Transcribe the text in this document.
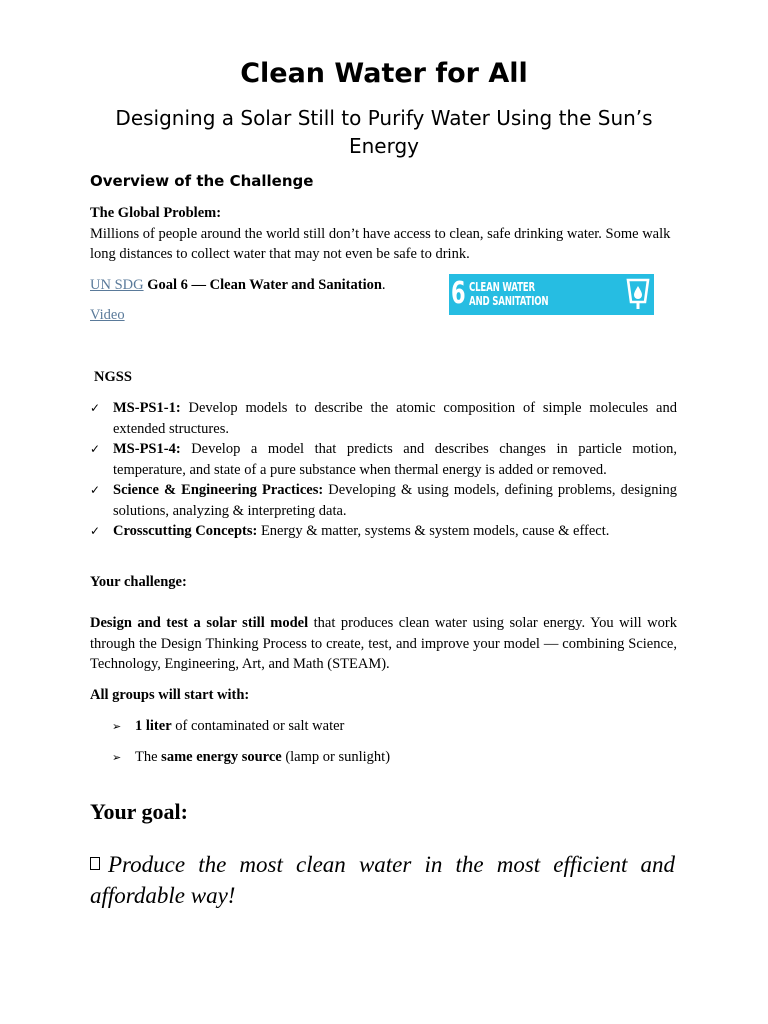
Clean Water for All
Designing a Solar Still to Purify Water Using the Sun’s Energy
Overview of the Challenge
The Global Problem:
Millions of people around the world still don’t have access to clean, safe drinking water. Some walk long distances to collect water that may not even be safe to drink.
UN SDG Goal 6 — Clean Water and Sanitation.	6 CLEAN WATER
AND SANITATION
Video
NGSS
✓ MS-PS1-1: Develop models to describe the atomic composition of simple molecules and extended structures.
✓ MS-PS1-4: Develop a model that predicts and describes changes in particle motion, temperature, and state of a pure substance when thermal energy is added or removed.
✓ Science & Engineering Practices: Developing & using models, defining problems, designing solutions, analyzing & interpreting data.
✓ Crosscutting Concepts: Energy & matter, systems & system models, cause & effect.
Your challenge:
Design and test a solar still model that produces clean water using solar energy. You will work through the Design Thinking Process to create, test, and improve your model — combining Science, Technology, Engineering, Art, and Math (STEAM).
All groups will start with:
➢ 1 liter of contaminated or salt water
➢ The same energy source (lamp or sunlight)
Your goal:
Produce the most clean water in the most efficient and affordable way!
